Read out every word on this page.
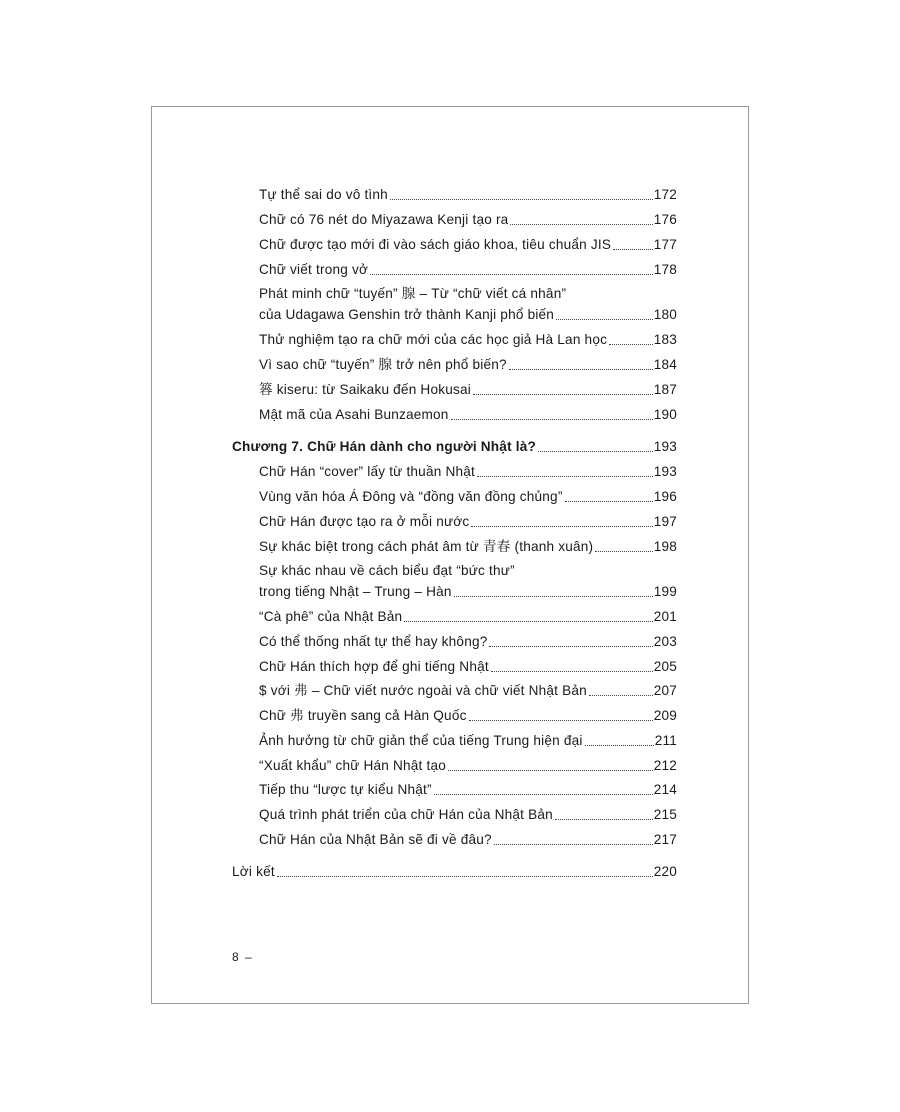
Tự thể sai do vô tình	172
Chữ có 76 nét do Miyazawa Kenji tạo ra	176
Chữ được tạo mới đi vào sách giáo khoa, tiêu chuẩn JIS	177
Chữ viết trong vở	178
Phát minh chữ “tuyến” 腺 – Từ “chữ viết cá nhân”
của Udagawa Genshin trở thành Kanji phổ biến	180
Thử nghiệm tạo ra chữ mới của các học giả Hà Lan học	183
Vì sao chữ “tuyến” 腺 trở nên phổ biến?	184
簭 kiseru: từ Saikaku đến Hokusai	187
Mật mã của Asahi Bunzaemon	190
Chương 7. Chữ Hán dành cho người Nhật là?	193
Chữ Hán “cover” lấy từ thuần Nhật	193
Vùng văn hóa Á Đông và “đồng văn đồng chủng”	196
Chữ Hán được tạo ra ở mỗi nước	197
Sự khác biệt trong cách phát âm từ 青春 (thanh xuân)	198
Sự khác nhau về cách biểu đạt “bức thư”
trong tiếng Nhật – Trung – Hàn	199
“Cà phê” của Nhật Bản	201
Có thể thống nhất tự thể hay không?	203
Chữ Hán thích hợp để ghi tiếng Nhật	205
$ với 弗 – Chữ viết nước ngoài và chữ viết Nhật Bản	207
Chữ 弗 truyền sang cả Hàn Quốc	209
Ảnh hưởng từ chữ giản thể của tiếng Trung hiện đại	211
“Xuất khẩu” chữ Hán Nhật tạo	212
Tiếp thu “lược tự kiểu Nhật”	214
Quá trình phát triển của chữ Hán của Nhật Bản	215
Chữ Hán của Nhật Bản sẽ đi về đâu?	217
Lời kết	220
8 –
